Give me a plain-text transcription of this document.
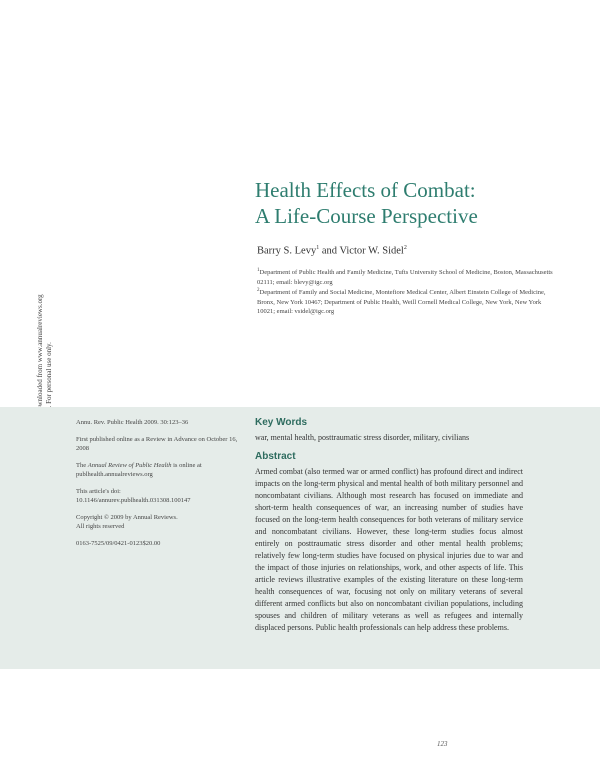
Health Effects of Combat:
A Life-Course Perspective
Barry S. Levy$^1$ and Victor W. Sidel$^2$
$^1$Department of Public Health and Family Medicine, Tufts University School of Medicine, Boston, Massachusetts 02111; email: blevy@igc.org
$^2$Department of Family and Social Medicine, Montefiore Medical Center, Albert Einstein College of Medicine, Bronx, New York 10467; Department of Public Health, Weill Cornell Medical College, New York, New York 10021; email: vsidel@igc.org

Annu. Rev. Public Health 2009. 30:123–36

First published online as a Review in Advance on October 16, 2008

The Annual Review of Public Health is online at publhealth.annualreviews.org

This article's doi:
10.1146/annurev.publhealth.031308.100147

Copyright © 2009 by Annual Reviews.
All rights reserved

0163-7525/09/0421-0123$20.00

Key Words
war, mental health, posttraumatic stress disorder, military, civilians
Abstract
Armed combat (also termed war or armed conflict) has profound direct and indirect impacts on the long-term physical and mental health of both military personnel and noncombatant civilians. Although most research has focused on immediate and short-term health consequences of war, an increasing number of studies have focused on the long-term health consequences for both veterans of military service and noncombatant civilians. However, these long-term studies focus almost entirely on posttraumatic stress disorder and other mental health problems; relatively few long-term studies have focused on physical injuries due to war and the impact of those injuries on relationships, work, and other aspects of life. This article reviews illustrative examples of the existing literature on these long-term health consequences of war, focusing not only on military veterans of several different armed conflicts but also on noncombatant civilian populations, including spouses and children of military veterans as well as refugees and internally displaced persons. Public health professionals can help address these problems.
123
